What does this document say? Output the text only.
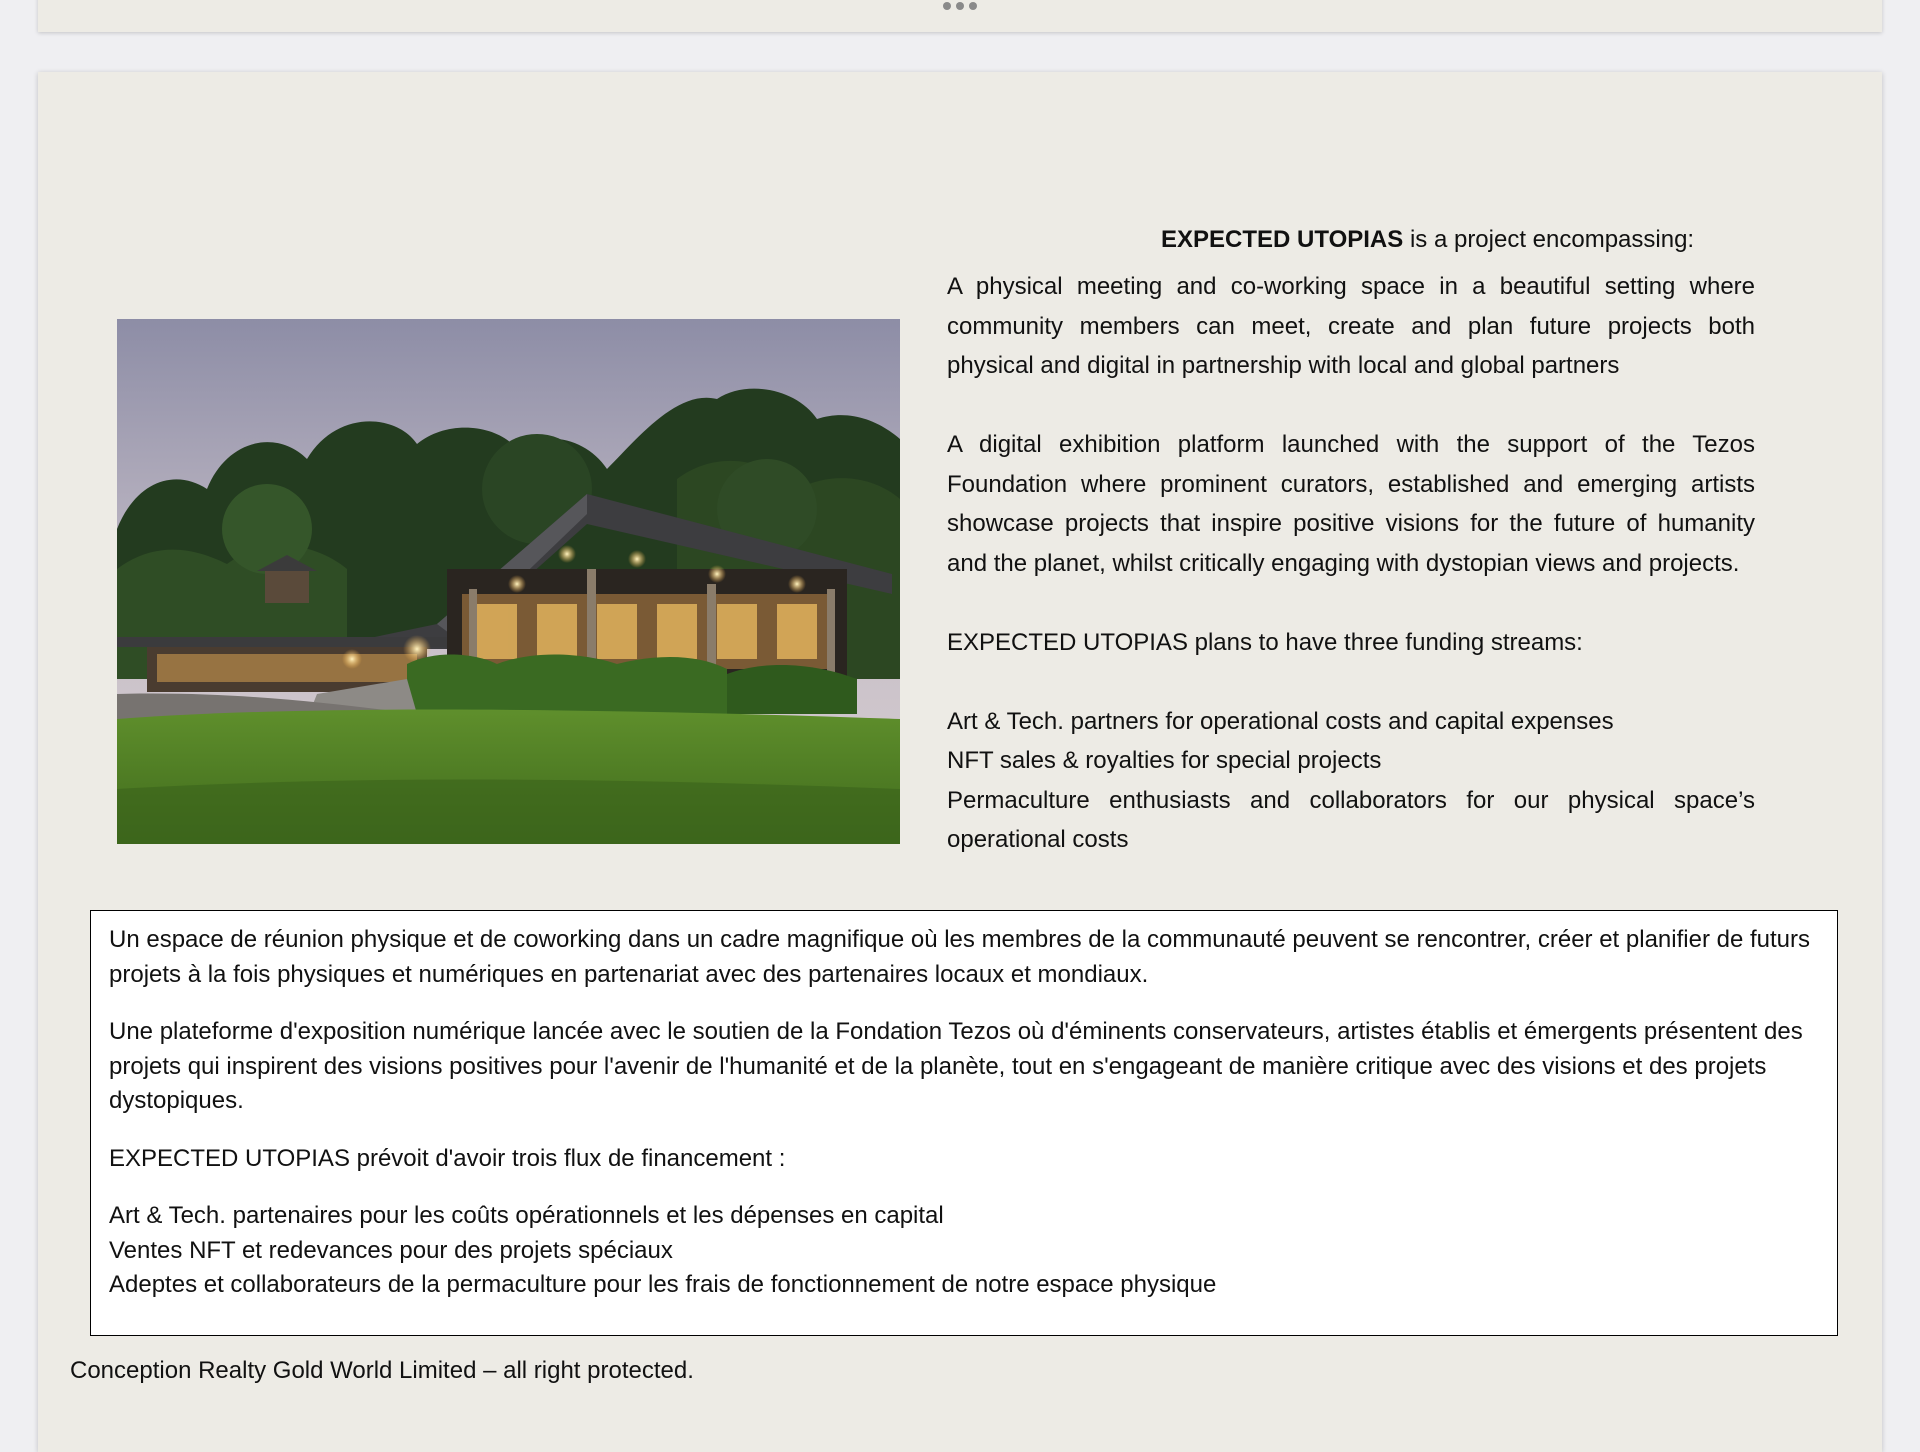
EXPECTED UTOPIAS is a project encompassing:

A physical meeting and co-working space in a beautiful setting where community members can meet, create and plan future projects both physical and digital in partnership with local and global partners

A digital exhibition platform launched with the support of the Tezos Foundation where prominent curators, established and emerging artists showcase projects that inspire positive visions for the future of humanity and the planet, whilst critically engaging with dystopian views and projects.

EXPECTED UTOPIAS plans to have three funding streams:

Art & Tech. partners for operational costs and capital expenses

NFT sales & royalties for special projects

Permaculture enthusiasts and collaborators for our physical space’s operational costs

Un espace de réunion physique et de coworking dans un cadre magnifique où les membres de la communauté peuvent se rencontrer, créer et planifier de futurs projets à la fois physiques et numériques en partenariat avec des partenaires locaux et mondiaux.

Une plateforme d'exposition numérique lancée avec le soutien de la Fondation Tezos où d'éminents conservateurs, artistes établis et émergents présentent des projets qui inspirent des visions positives pour l'avenir de l'humanité et de la planète, tout en s'engageant de manière critique avec des visions et des projets dystopiques.

EXPECTED UTOPIAS prévoit d'avoir trois flux de financement :

Art & Tech. partenaires pour les coûts opérationnels et les dépenses en capital

Ventes NFT et redevances pour des projets spéciaux

Adeptes et collaborateurs de la permaculture pour les frais de fonctionnement de notre espace physique

Conception Realty Gold World Limited – all right protected.
